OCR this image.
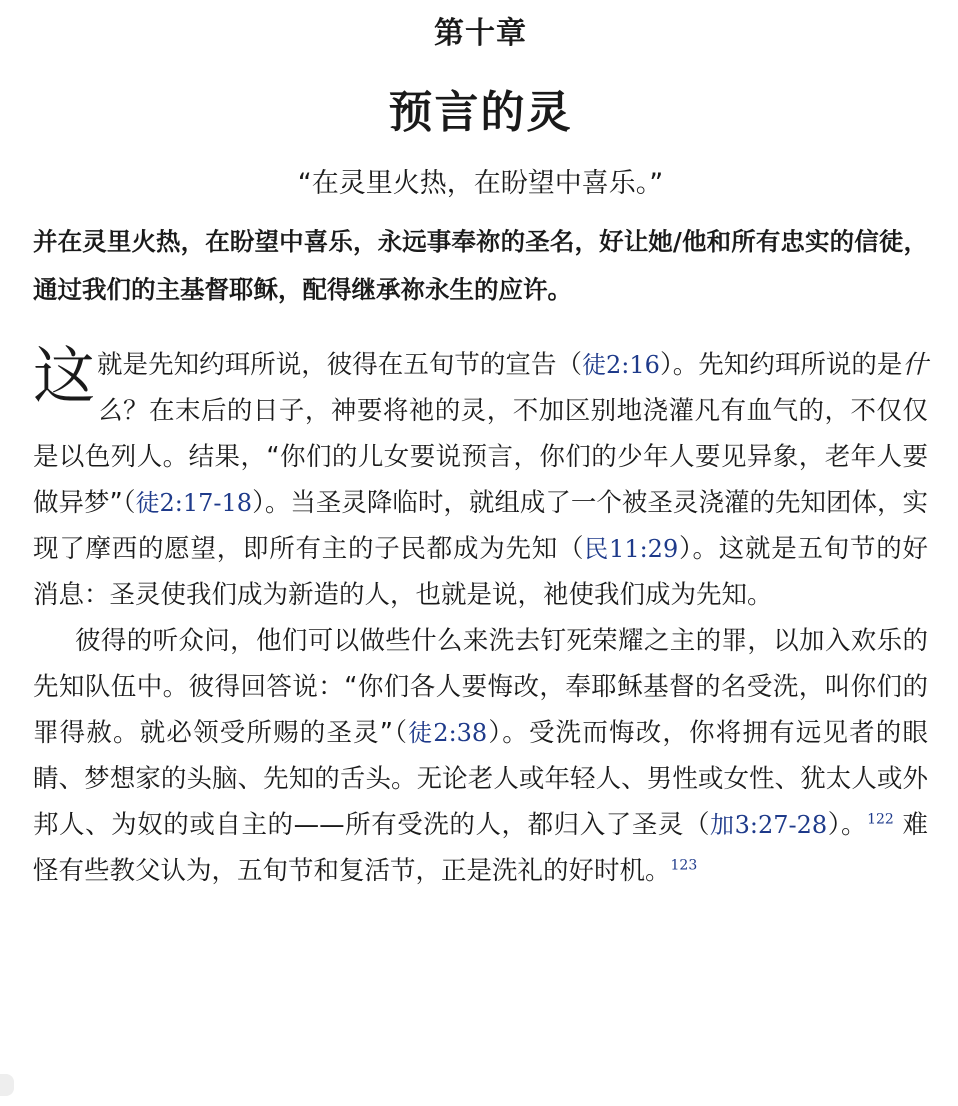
第十章
预言的灵
“在灵里火热，在盼望中喜乐。”
并在灵里火热，在盼望中喜乐，永远事奉祢的圣名，好让她/他和所有忠实的信徒，通过我们的主基督耶稣，配得继承祢永生的应许。

这就是先知约珥所说，彼得在五旬节的宣告（徒2:16）。先知约珥所说的是什么？在末后的日子，神要将祂的灵，不加区别地浇灌凡有血气的，不仅仅是以色列人。结果，“你们的儿女要说预言，你们的少年人要见异象，老年人要做异梦”（徒2:17-18）。当圣灵降临时，就组成了一个被圣灵浇灌的先知团体，实现了摩西的愿望，即所有主的子民都成为先知（民11:29）。这就是五旬节的好消息：圣灵使我们成为新造的人，也就是说，祂使我们成为先知。

彼得的听众问，他们可以做些什么来洗去钉死荣耀之主的罪，以加入欢乐的先知队伍中。彼得回答说：“你们各人要悔改，奉耶稣基督的名受洗，叫你们的罪得赦。就必领受所赐的圣灵”（徒2:38）。受洗而悔改，你将拥有远见者的眼睛、梦想家的头脑、先知的舌头。无论老人或年轻人、男性或女性、犹太人或外邦人、为奴的或自主的——所有受洗的人，都归入了圣灵（加3:27-28）。$^{122}$ 难怪有些教父认为，五旬节和复活节，正是洗礼的好时机。$^{123}$
